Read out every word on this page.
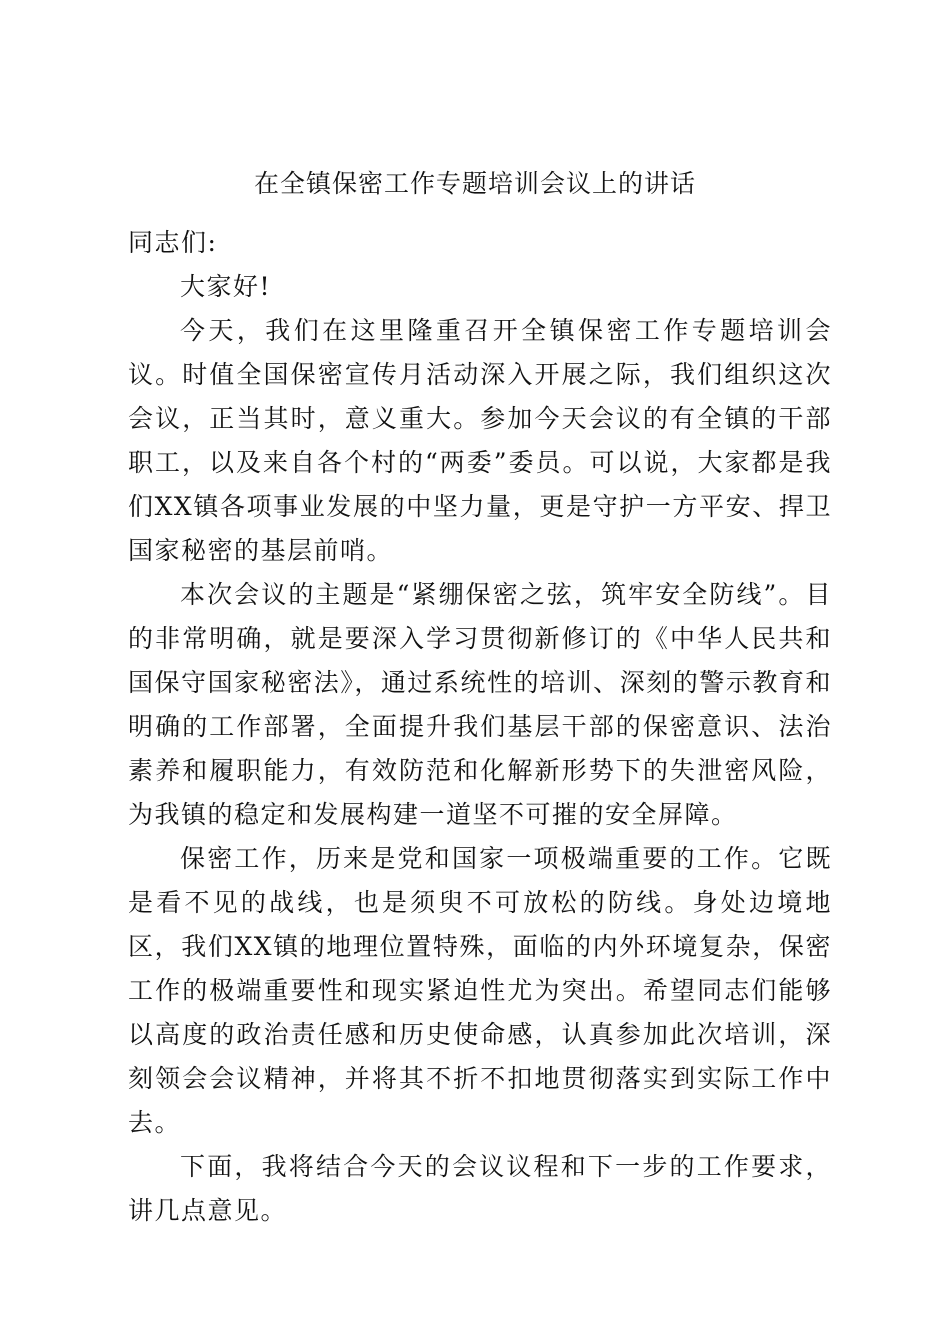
在全镇保密工作专题培训会议上的讲话

同志们:

大家好!

今天，我们在这里隆重召开全镇保密工作专题培训会议。时值全国保密宣传月活动深入开展之际，我们组织这次会议，正当其时，意义重大。参加今天会议的有全镇的干部职工，以及来自各个村的“两委”委员。可以说，大家都是我们XX镇各项事业发展的中坚力量，更是守护一方平安、捍卫国家秘密的基层前哨。

本次会议的主题是“紧绷保密之弦，筑牢安全防线”。目的非常明确，就是要深入学习贯彻新修订的《中华人民共和国保守国家秘密法》，通过系统性的培训、深刻的警示教育和明确的工作部署，全面提升我们基层干部的保密意识、法治素养和履职能力，有效防范和化解新形势下的失泄密风险，为我镇的稳定和发展构建一道坚不可摧的安全屏障。

保密工作，历来是党和国家一项极端重要的工作。它既是看不见的战线，也是须臾不可放松的防线。身处边境地区，我们XX镇的地理位置特殊，面临的内外环境复杂，保密工作的极端重要性和现实紧迫性尤为突出。希望同志们能够以高度的政治责任感和历史使命感，认真参加此次培训，深刻领会会议精神，并将其不折不扣地贯彻落实到实际工作中去。

下面，我将结合今天的会议议程和下一步的工作要求，讲几点意见。
